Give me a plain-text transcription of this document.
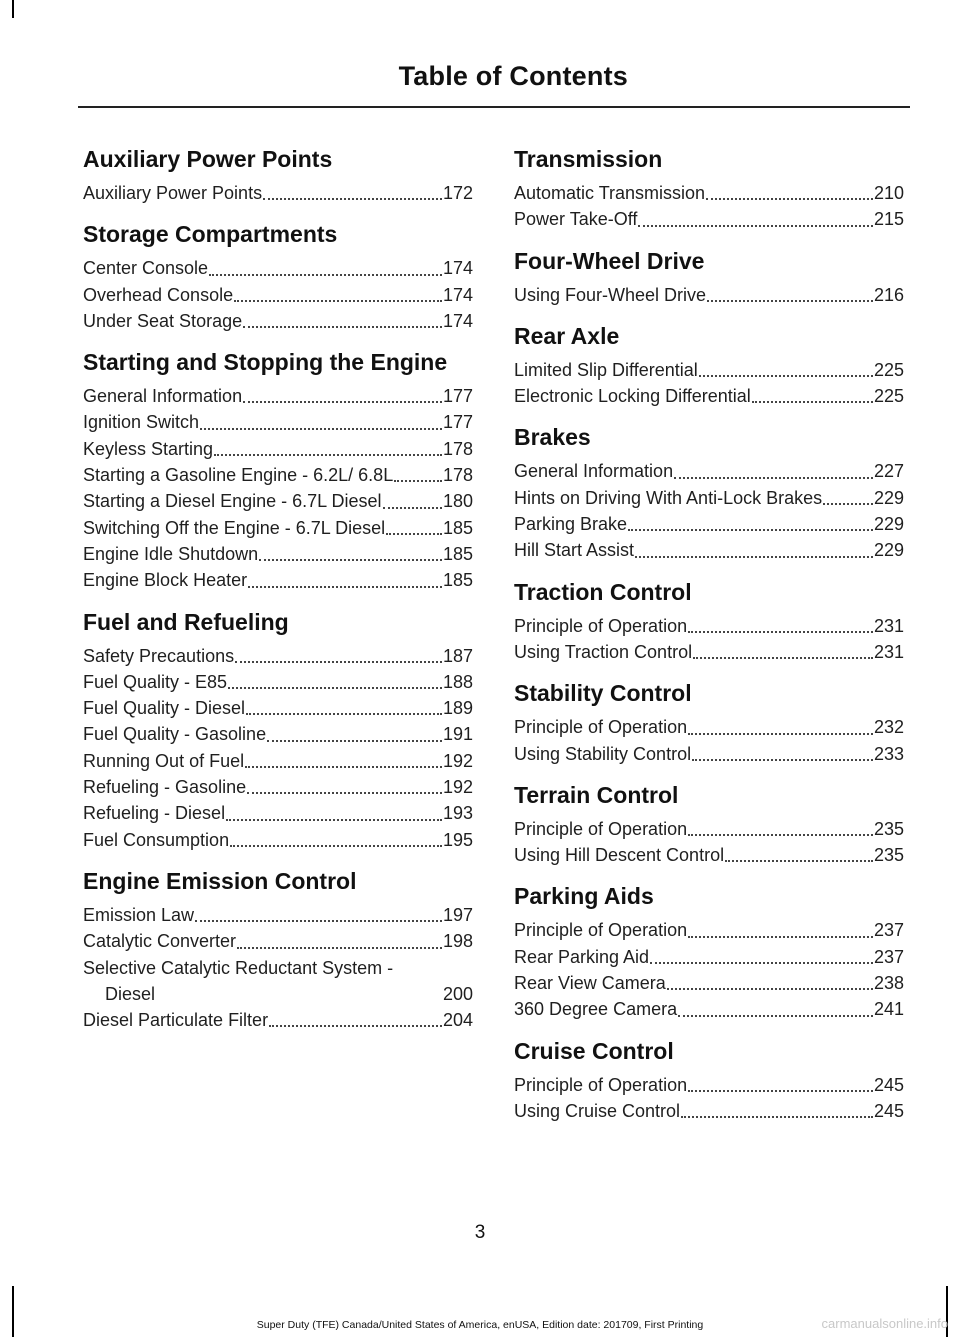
Table of Contents
Auxiliary Power Points
Auxiliary Power Points	172
Storage Compartments
Center Console	174
Overhead Console	174
Under Seat Storage	174
Starting and Stopping the Engine
General Information	177
Ignition Switch	177
Keyless Starting	178
Starting a Gasoline Engine - 6.2L/ 6.8L	178
Starting a Diesel Engine - 6.7L Diesel	180
Switching Off the Engine - 6.7L Diesel	185
Engine Idle Shutdown	185
Engine Block Heater	185
Fuel and Refueling
Safety Precautions	187
Fuel Quality - E85	188
Fuel Quality - Diesel	189
Fuel Quality - Gasoline	191
Running Out of Fuel	192
Refueling - Gasoline	192
Refueling - Diesel	193
Fuel Consumption	195
Engine Emission Control
Emission Law	197
Catalytic Converter	198
Selective Catalytic Reductant System - Diesel	200
Diesel Particulate Filter	204
Transmission
Automatic Transmission	210
Power Take-Off	215
Four-Wheel Drive
Using Four-Wheel Drive	216
Rear Axle
Limited Slip Differential	225
Electronic Locking Differential	225
Brakes
General Information	227
Hints on Driving With Anti-Lock Brakes	229
Parking Brake	229
Hill Start Assist	229
Traction Control
Principle of Operation	231
Using Traction Control	231
Stability Control
Principle of Operation	232
Using Stability Control	233
Terrain Control
Principle of Operation	235
Using Hill Descent Control	235
Parking Aids
Principle of Operation	237
Rear Parking Aid	237
Rear View Camera	238
360 Degree Camera	241
Cruise Control
Principle of Operation	245
Using Cruise Control	245
3
Super Duty (TFE) Canada/United States of America, enUSA, Edition date: 201709, First Printing	carmanualsonline.info
